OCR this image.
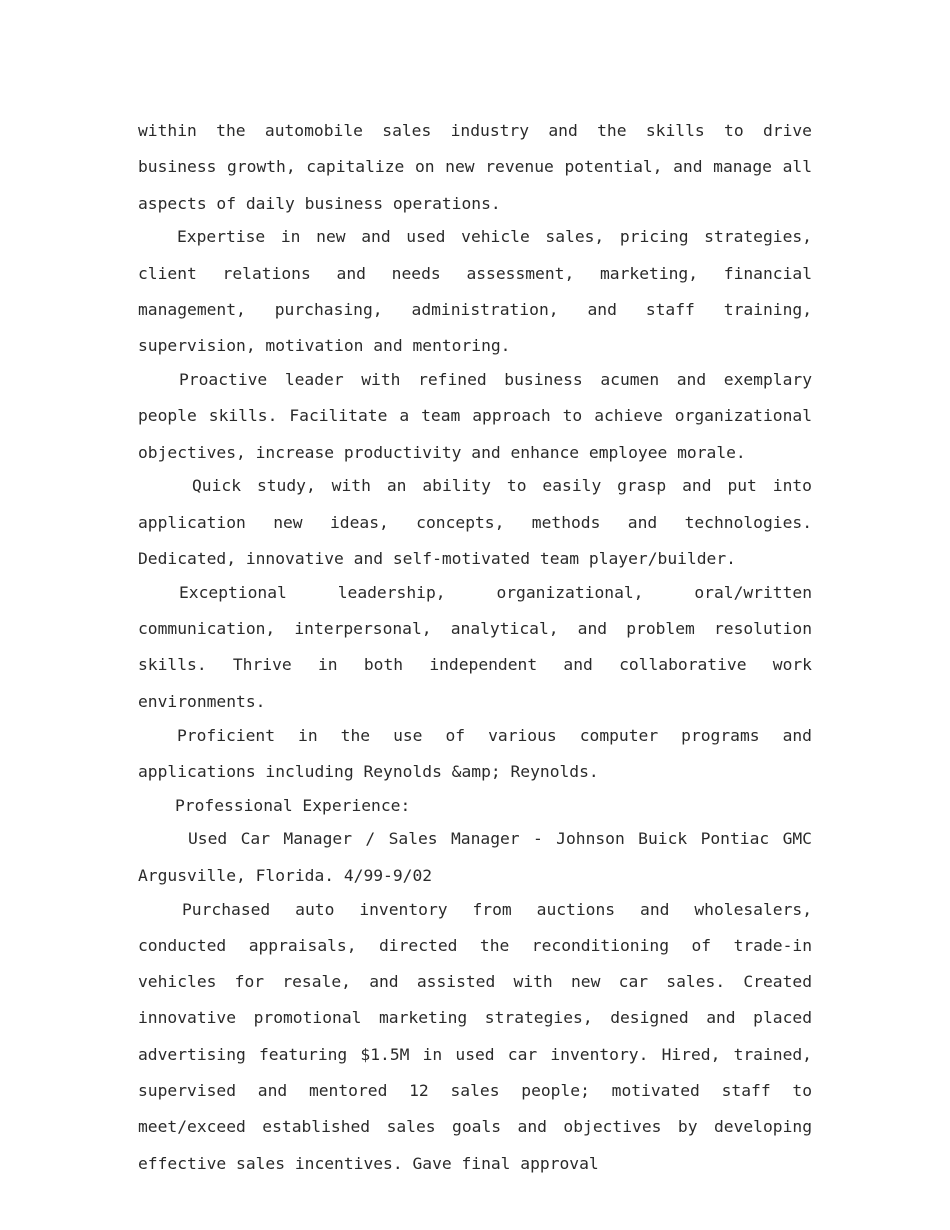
within the automobile sales industry and the skills to drive business growth, capitalize on new revenue potential, and manage all aspects of daily business operations.

Expertise in new and used vehicle sales, pricing strategies, client relations and needs assessment, marketing, financial management, purchasing, administration, and staff training, supervision, motivation and mentoring.

Proactive leader with refined business acumen and exemplary people skills. Facilitate a team approach to achieve organizational objectives, increase productivity and enhance employee morale.

Quick study, with an ability to easily grasp and put into application new ideas, concepts, methods and technologies. Dedicated, innovative and self-motivated team player/builder.

Exceptional leadership, organizational, oral/written communication, interpersonal, analytical, and problem resolution skills. Thrive in both independent and collaborative work environments.

Proficient in the use of various computer programs and applications including Reynolds &amp; Reynolds.

Professional Experience:

Used Car Manager / Sales Manager - Johnson Buick Pontiac GMC Argusville, Florida. 4/99-9/02

Purchased auto inventory from auctions and wholesalers, conducted appraisals, directed the reconditioning of trade-in vehicles for resale, and assisted with new car sales. Created innovative promotional marketing strategies, designed and placed advertising featuring $1.5M in used car inventory. Hired, trained, supervised and mentored 12 sales people; motivated staff to meet/exceed established sales goals and objectives by developing effective sales incentives. Gave final approval
